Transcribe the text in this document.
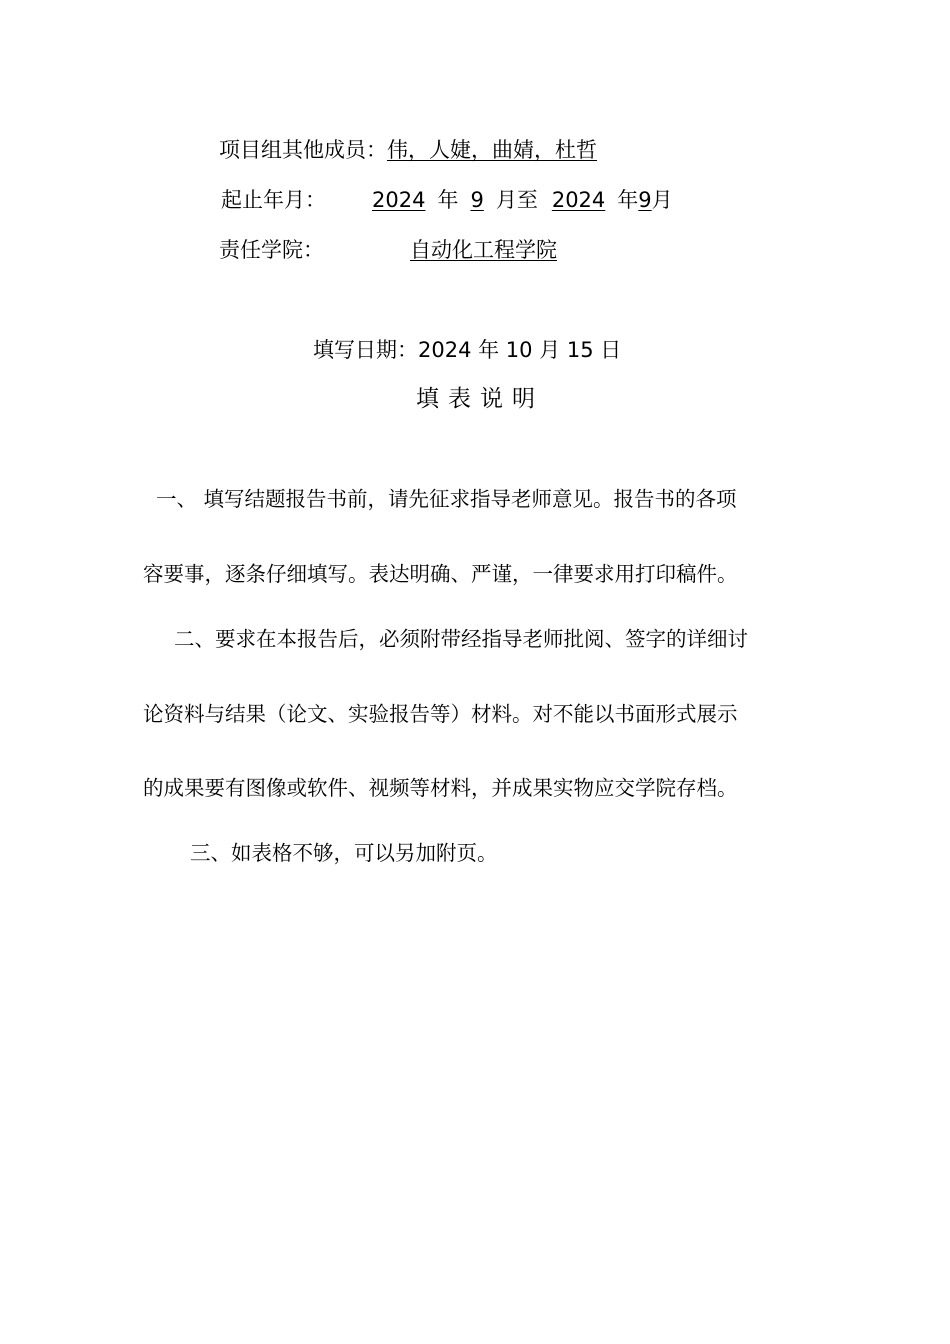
项目组其他成员：伟，人婕，曲婧，杜哲
起止年月： 2024 年 9 月至 2024 年9月
责任学院：	自动化工程学院
填写日期：2024 年 10 月 15 日
填表说明
一、 填写结题报告书前，请先征求指导老师意见。报告书的各项
容要事，逐条仔细填写。表达明确、严谨，一律要求用打印稿件。
二、要求在本报告后，必须附带经指导老师批阅、签字的详细讨
论资料与结果（论文、实验报告等）材料。对不能以书面形式展示
的成果要有图像或软件、视频等材料，并成果实物应交学院存档。
三、如表格不够，可以另加附页。
